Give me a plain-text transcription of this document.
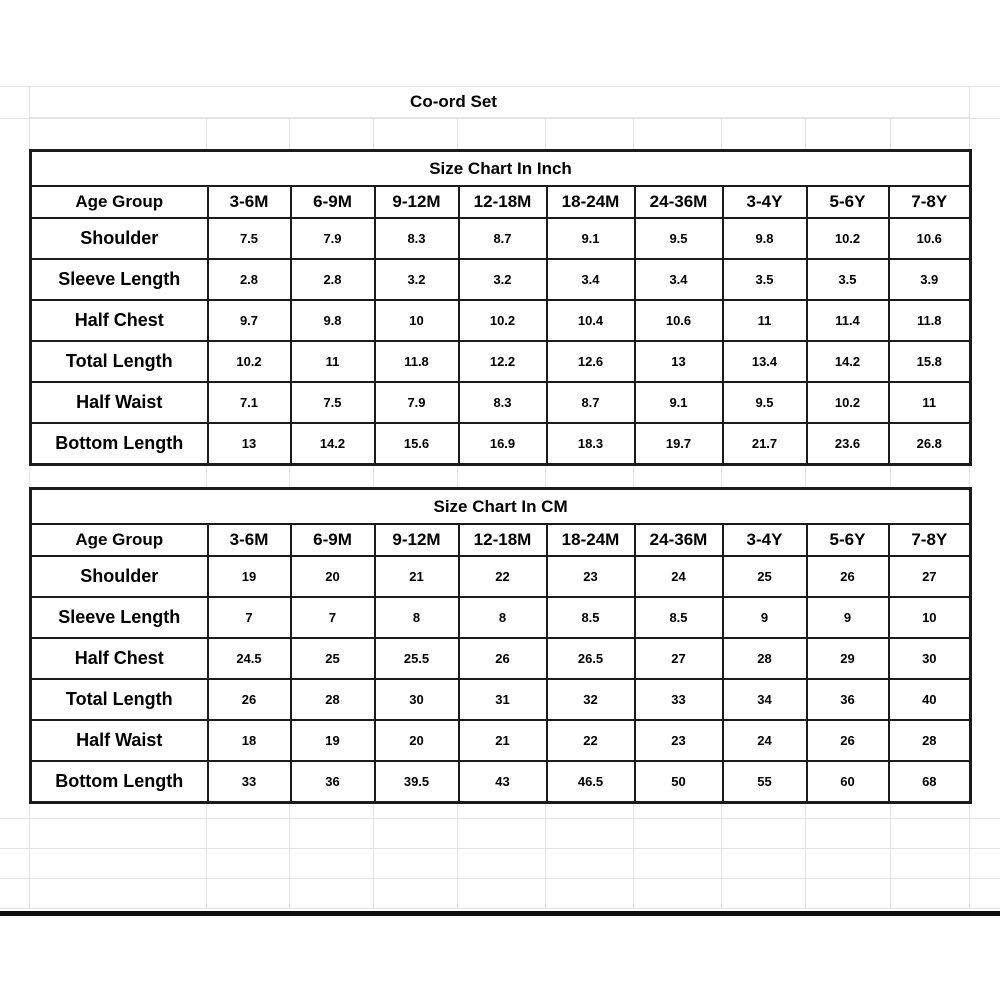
Co-ord Set
Size Chart In Inch									
Age Group	3-6M	6-9M	9-12M	12-18M	18-24M	24-36M	3-4Y	5-6Y	7-8Y
Shoulder	7.5	7.9	8.3	8.7	9.1	9.5	9.8	10.2	10.6
Sleeve Length	2.8	2.8	3.2	3.2	3.4	3.4	3.5	3.5	3.9
Half Chest	9.7	9.8	10	10.2	10.4	10.6	11	11.4	11.8
Total Length	10.2	11	11.8	12.2	12.6	13	13.4	14.2	15.8
Half Waist	7.1	7.5	7.9	8.3	8.7	9.1	9.5	10.2	11
Bottom Length	13	14.2	15.6	16.9	18.3	19.7	21.7	23.6	26.8
Size Chart In CM									
Age Group	3-6M	6-9M	9-12M	12-18M	18-24M	24-36M	3-4Y	5-6Y	7-8Y
Shoulder	19	20	21	22	23	24	25	26	27
Sleeve Length	7	7	8	8	8.5	8.5	9	9	10
Half Chest	24.5	25	25.5	26	26.5	27	28	29	30
Total Length	26	28	30	31	32	33	34	36	40
Half Waist	18	19	20	21	22	23	24	26	28
Bottom Length	33	36	39.5	43	46.5	50	55	60	68
